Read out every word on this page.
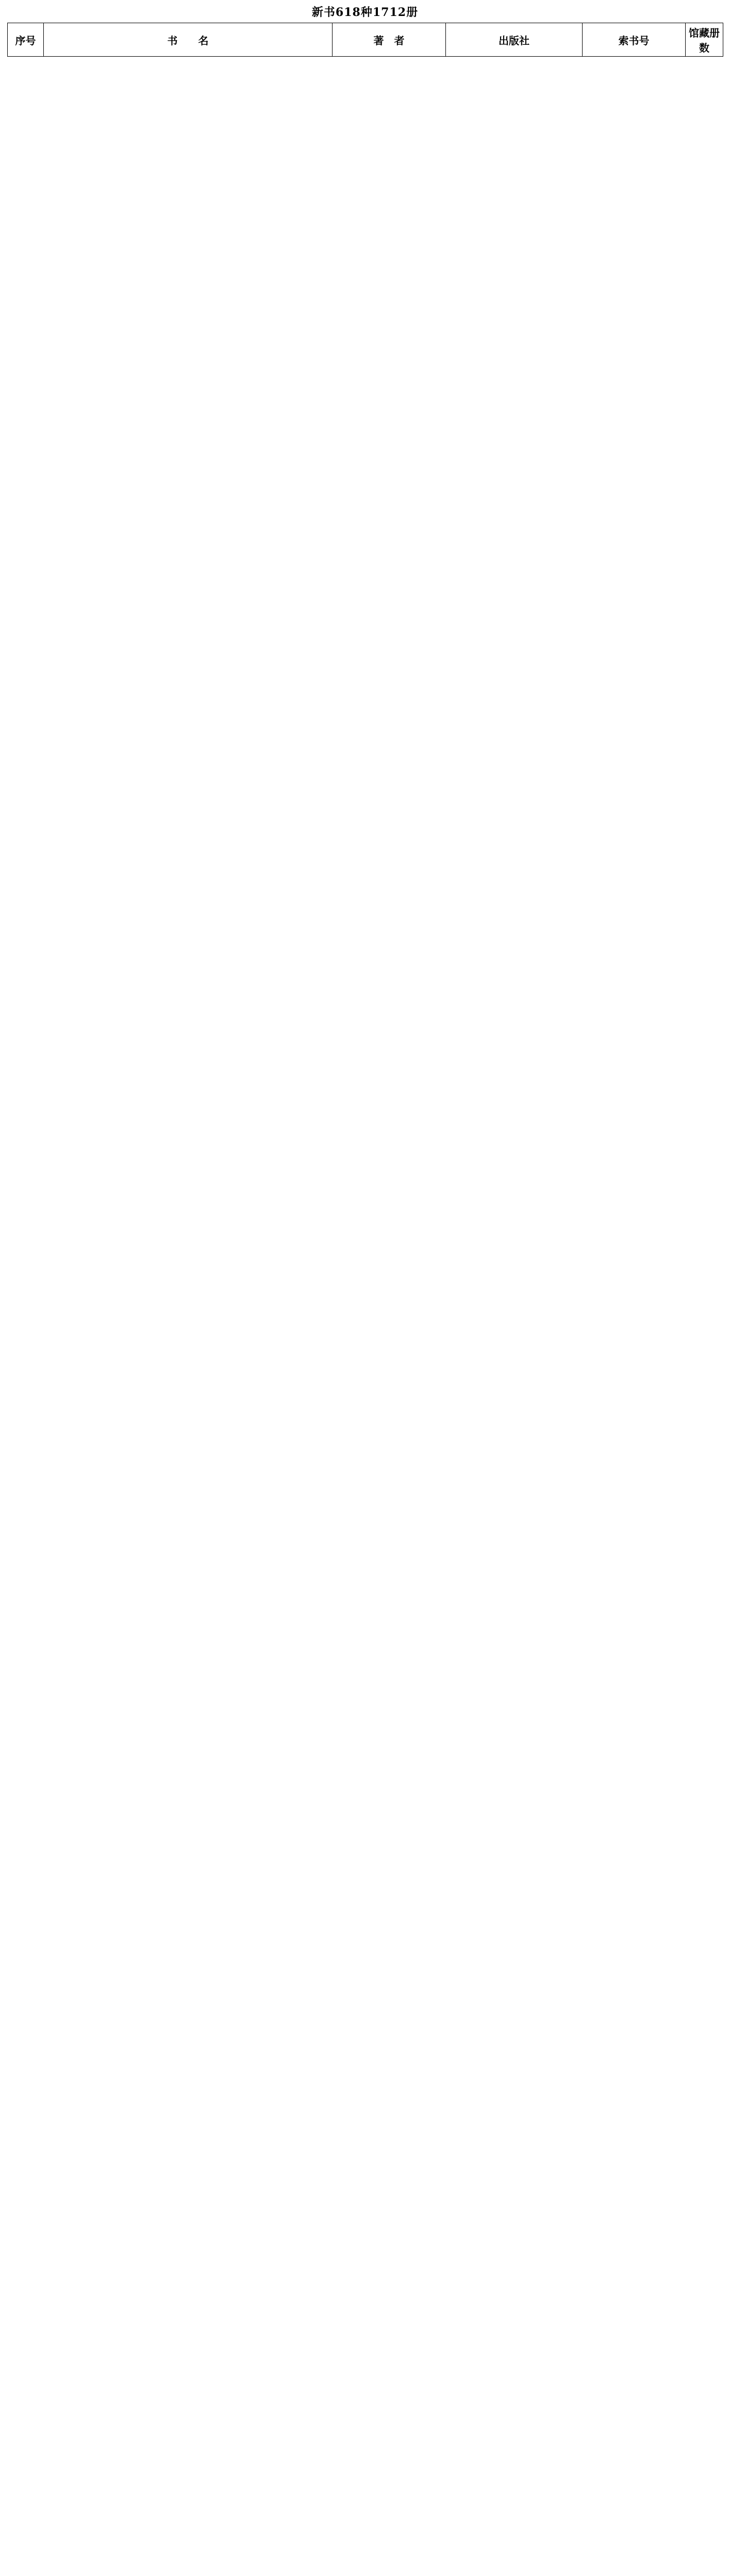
新书618种1712册
序号	书　　名	著　者	出版社	索书号	馆藏册数
